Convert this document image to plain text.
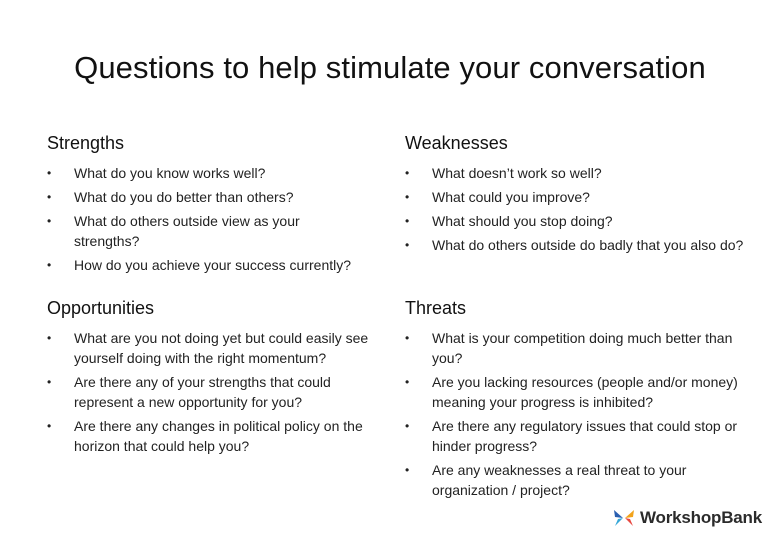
Questions to help stimulate your conversation
Strengths
• What do you know works well?
• What do you do better than others?
• What do others outside view as your strengths?
• How do you achieve your success currently?
Weaknesses
• What doesn’t work so well?
• What could you improve?
• What should you stop doing?
• What do others outside do badly that you also do?
Opportunities
• What are you not doing yet but could easily see yourself doing with the right momentum?
• Are there any of your strengths that could represent a new opportunity for you?
• Are there any changes in political policy on the horizon that could help you?
Threats
• What is your competition doing much better than you?
• Are you lacking resources (people and/or money) meaning your progress is inhibited?
• Are there any regulatory issues that could stop or hinder progress?
• Are any weaknesses a real threat to your organization / project?
WorkshopBank
